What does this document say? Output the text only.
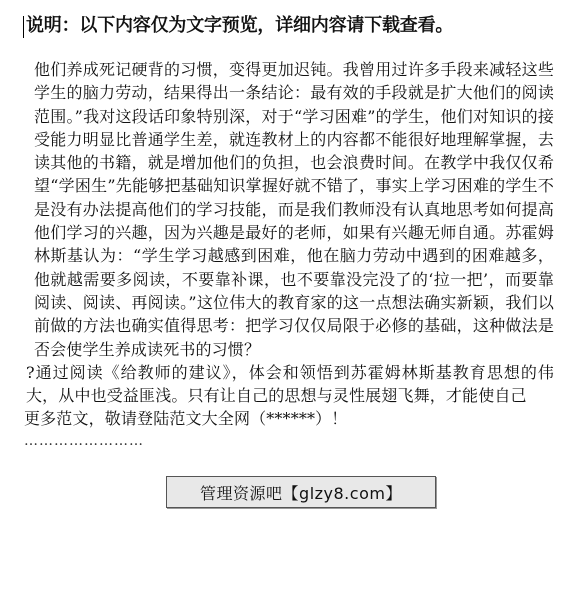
说明：以下内容仅为文字预览，详细内容请下载查看。

他们养成死记硬背的习惯，变得更加迟钝。我曾用过许多手段来减轻这些学生的脑力劳动，结果得出一条结论：最有效的手段就是扩大他们的阅读范围。”我对这段话印象特别深，对于“学习困难”的学生，他们对知识的接受能力明显比普通学生差，就连教材上的内容都不能很好地理解掌握，去读其他的书籍，就是增加他们的负担，也会浪费时间。在教学中我仅仅希望“学困生”先能够把基础知识掌握好就不错了，事实上学习困难的学生不是没有办法提高他们的学习技能，而是我们教师没有认真地思考如何提高他们学习的兴趣，因为兴趣是最好的老师，如果有兴趣无师自通。苏霍姆林斯基认为：“学生学习越感到困难，他在脑力劳动中遇到的困难越多，他就越需要多阅读，不要靠补课，也不要靠没完没了的‘拉一把’，而要靠阅读、阅读、再阅读。”这位伟大的教育家的这一点想法确实新颖，我们以前做的方法也确实值得思考：把学习仅仅局限于必修的基础，这种做法是否会使学生养成读死书的习惯？

?通过阅读《给教师的建议》，体会和领悟到苏霍姆林斯基教育思想的伟大，从中也受益匪浅。只有让自己的思想与灵性展翅飞舞，才能使自己

更多范文，敬请登陆范文大全网（******）！

……………………

管理资源吧【glzy8.com】
